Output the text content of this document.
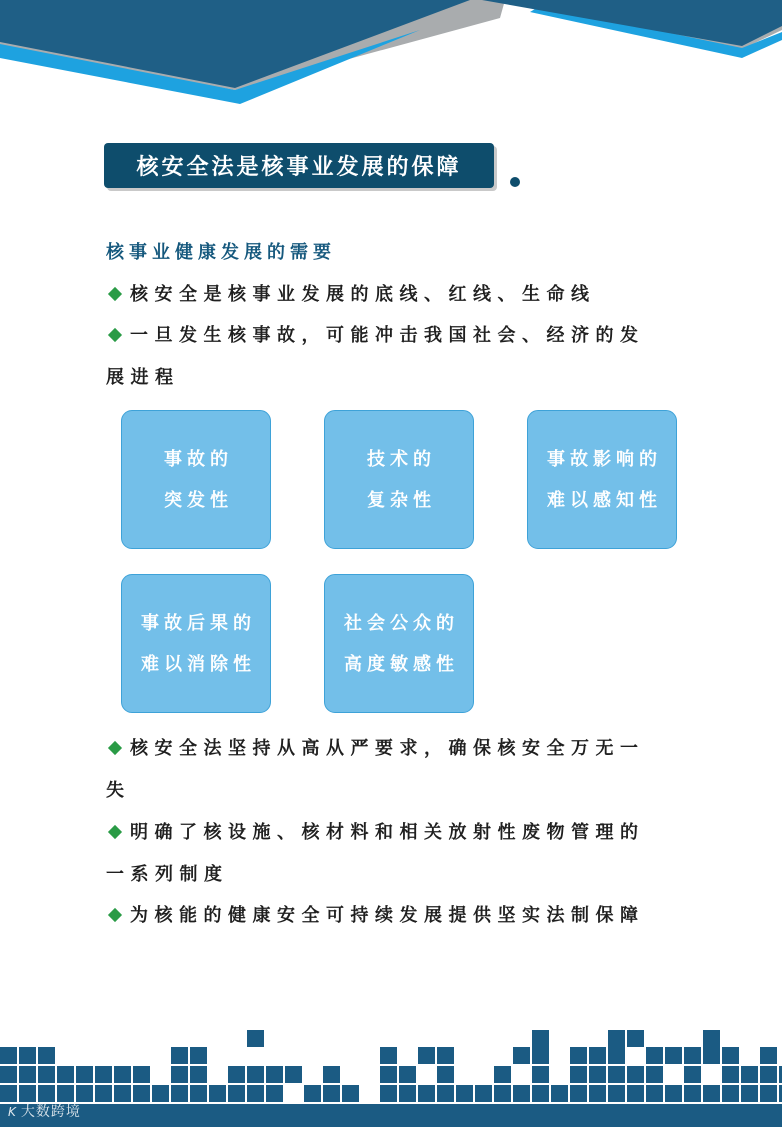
核安全法是核事业发展的保障
核事业健康发展的需要
核安全是核事业发展的底线、红线、生命线
一旦发生核事故，可能冲击我国社会、经济的发
展进程
事故的
突发性
技术的
复杂性
事故影响的
难以感知性
事故后果的
难以消除性
社会公众的
高度敏感性
核安全法坚持从高从严要求，确保核安全万无一
失
明确了核设施、核材料和相关放射性废物管理的
一系列制度
为核能的健康安全可持续发展提供坚实法制保障
K 大数跨境
